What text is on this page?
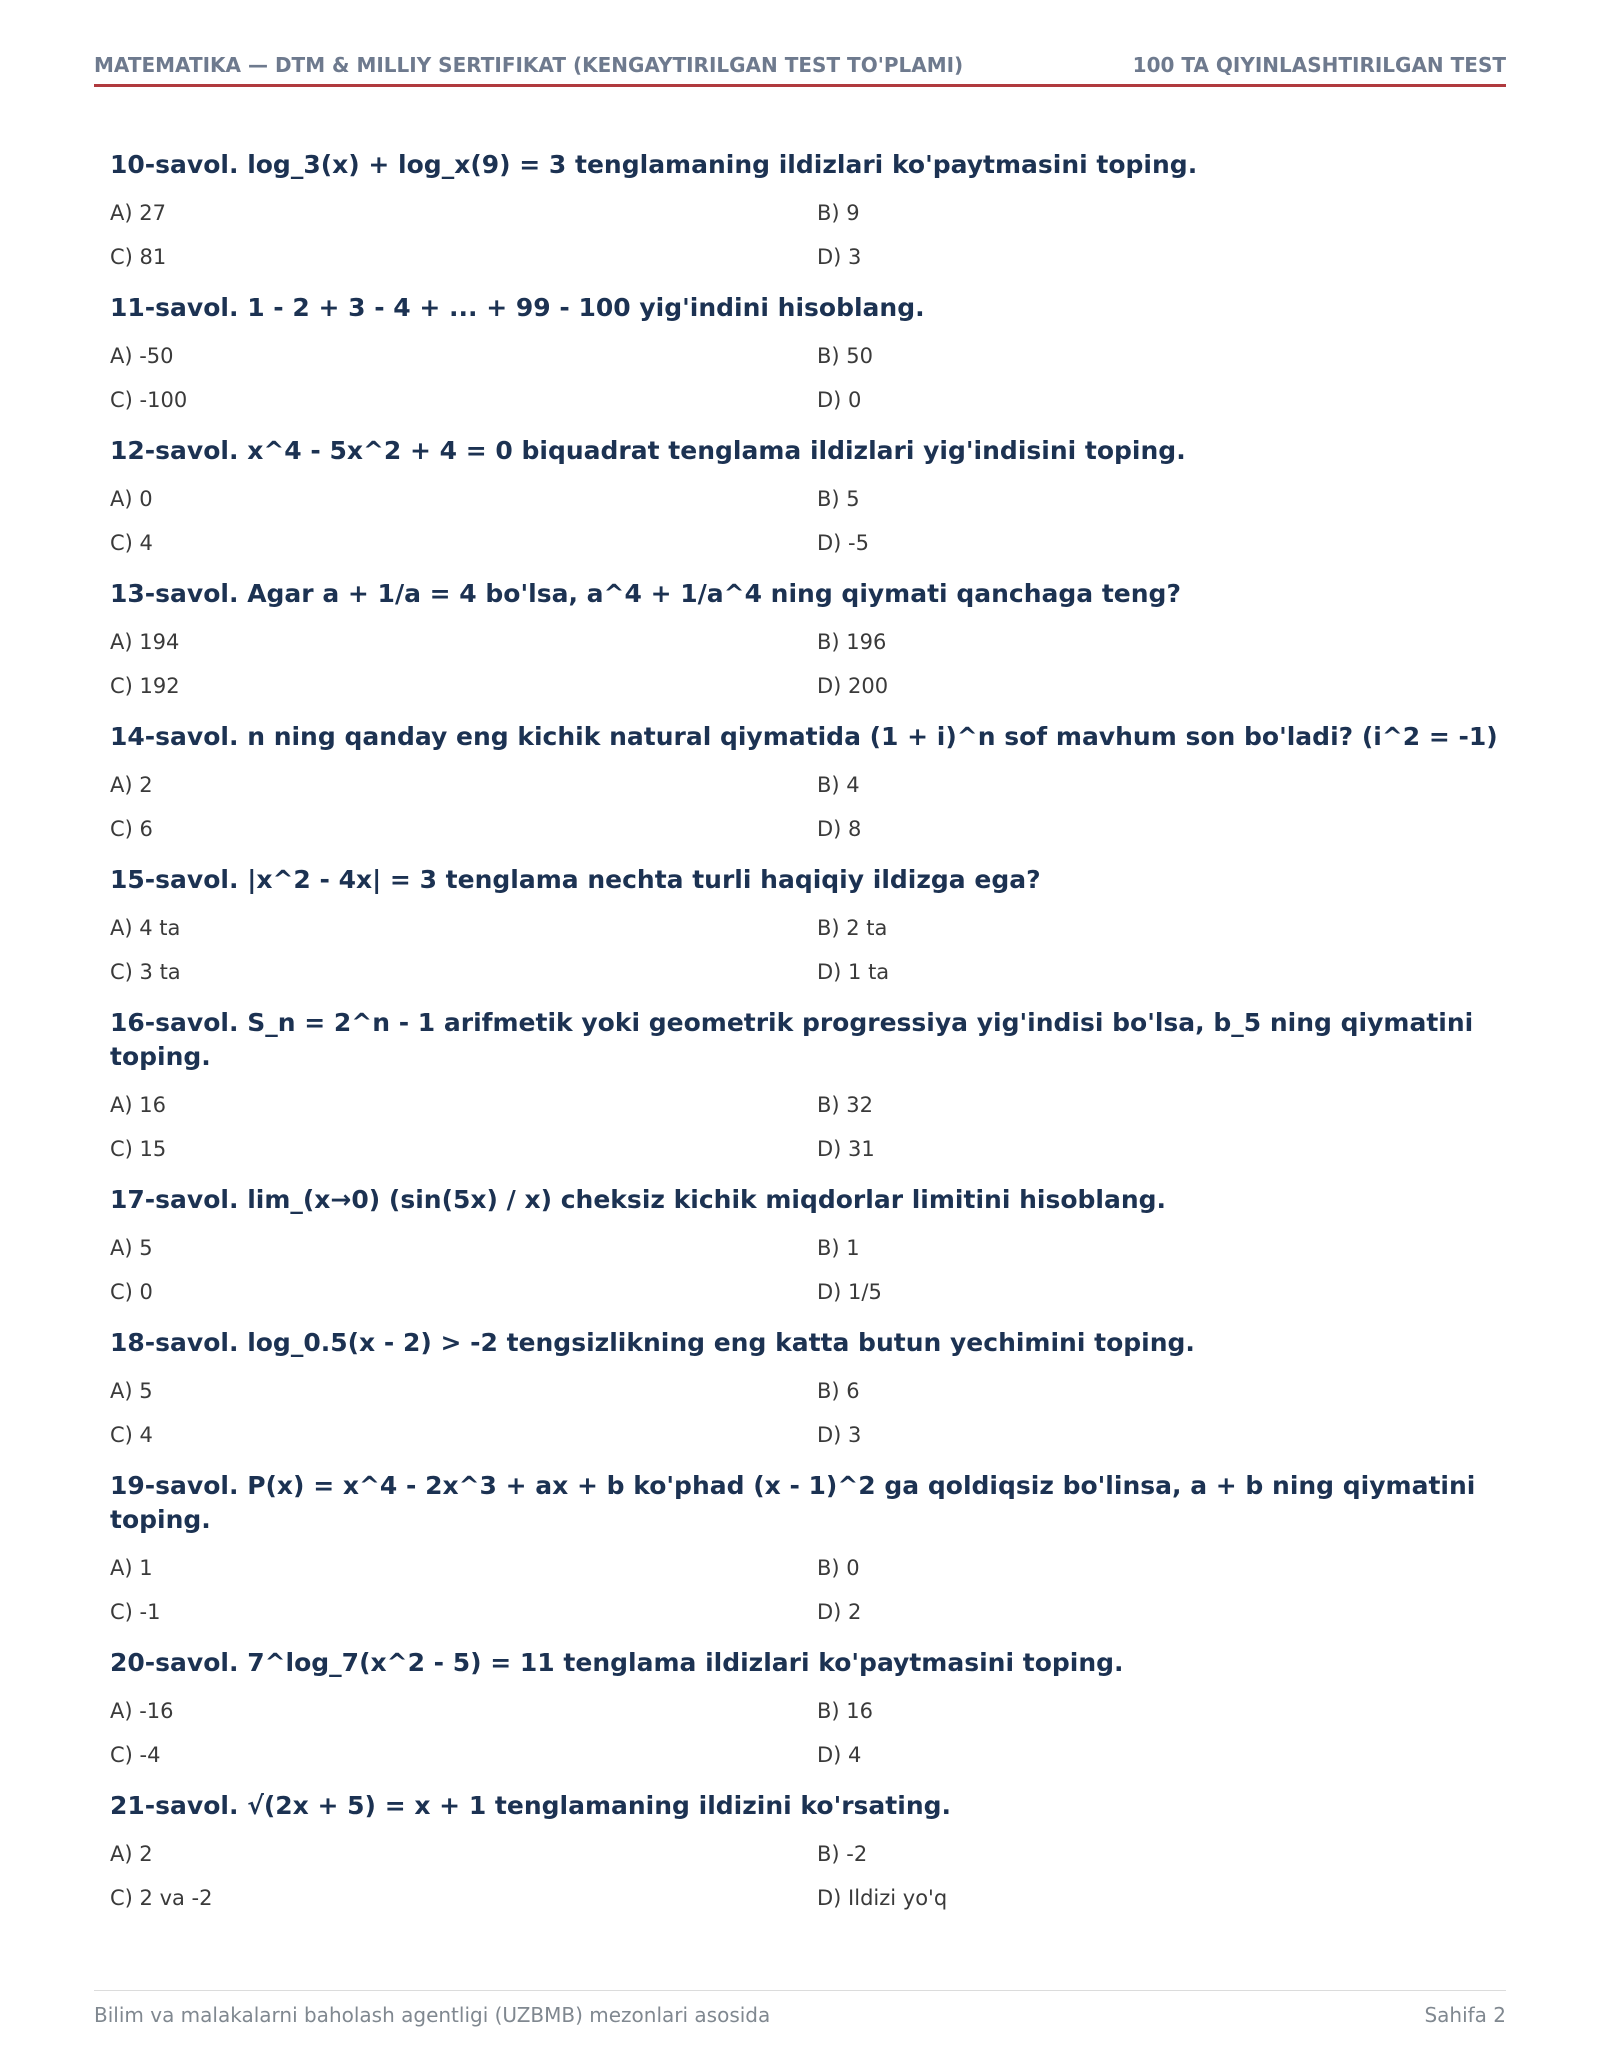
MATEMATIKA — DTM & MILLIY SERTIFIKAT (KENGAYTIRILGAN TEST TO'PLAMI)	100 TA QIYINLASHTIRILGAN TEST
10-savol. log_3(x) + log_x(9) = 3 tenglamaning ildizlari ko'paytmasini toping.
A) 27	B) 9
C) 81	D) 3
11-savol. 1 - 2 + 3 - 4 + ... + 99 - 100 yig'indini hisoblang.
A) -50	B) 50
C) -100	D) 0
12-savol. x^4 - 5x^2 + 4 = 0 biquadrat tenglama ildizlari yig'indisini toping.
A) 0	B) 5
C) 4	D) -5
13-savol. Agar a + 1/a = 4 bo'lsa, a^4 + 1/a^4 ning qiymati qanchaga teng?
A) 194	B) 196
C) 192	D) 200
14-savol. n ning qanday eng kichik natural qiymatida (1 + i)^n sof mavhum son bo'ladi? (i^2 = -1)
A) 2	B) 4
C) 6	D) 8
15-savol. |x^2 - 4x| = 3 tenglama nechta turli haqiqiy ildizga ega?
A) 4 ta	B) 2 ta
C) 3 ta	D) 1 ta
16-savol. S_n = 2^n - 1 arifmetik yoki geometrik progressiya yig'indisi bo'lsa, b_5 ning qiymatini toping.
A) 16	B) 32
C) 15	D) 31
17-savol. lim_(x→0) (sin(5x) / x) cheksiz kichik miqdorlar limitini hisoblang.
A) 5	B) 1
C) 0	D) 1/5
18-savol. log_0.5(x - 2) > -2 tengsizlikning eng katta butun yechimini toping.
A) 5	B) 6
C) 4	D) 3
19-savol. P(x) = x^4 - 2x^3 + ax + b ko'phad (x - 1)^2 ga qoldiqsiz bo'linsa, a + b ning qiymatini toping.
A) 1	B) 0
C) -1	D) 2
20-savol. 7^log_7(x^2 - 5) = 11 tenglama ildizlari ko'paytmasini toping.
A) -16	B) 16
C) -4	D) 4
21-savol. √(2x + 5) = x + 1 tenglamaning ildizini ko'rsating.
A) 2	B) -2
C) 2 va -2	D) Ildizi yo'q
Bilim va malakalarni baholash agentligi (UZBMB) mezonlari asosida	Sahifa 2
